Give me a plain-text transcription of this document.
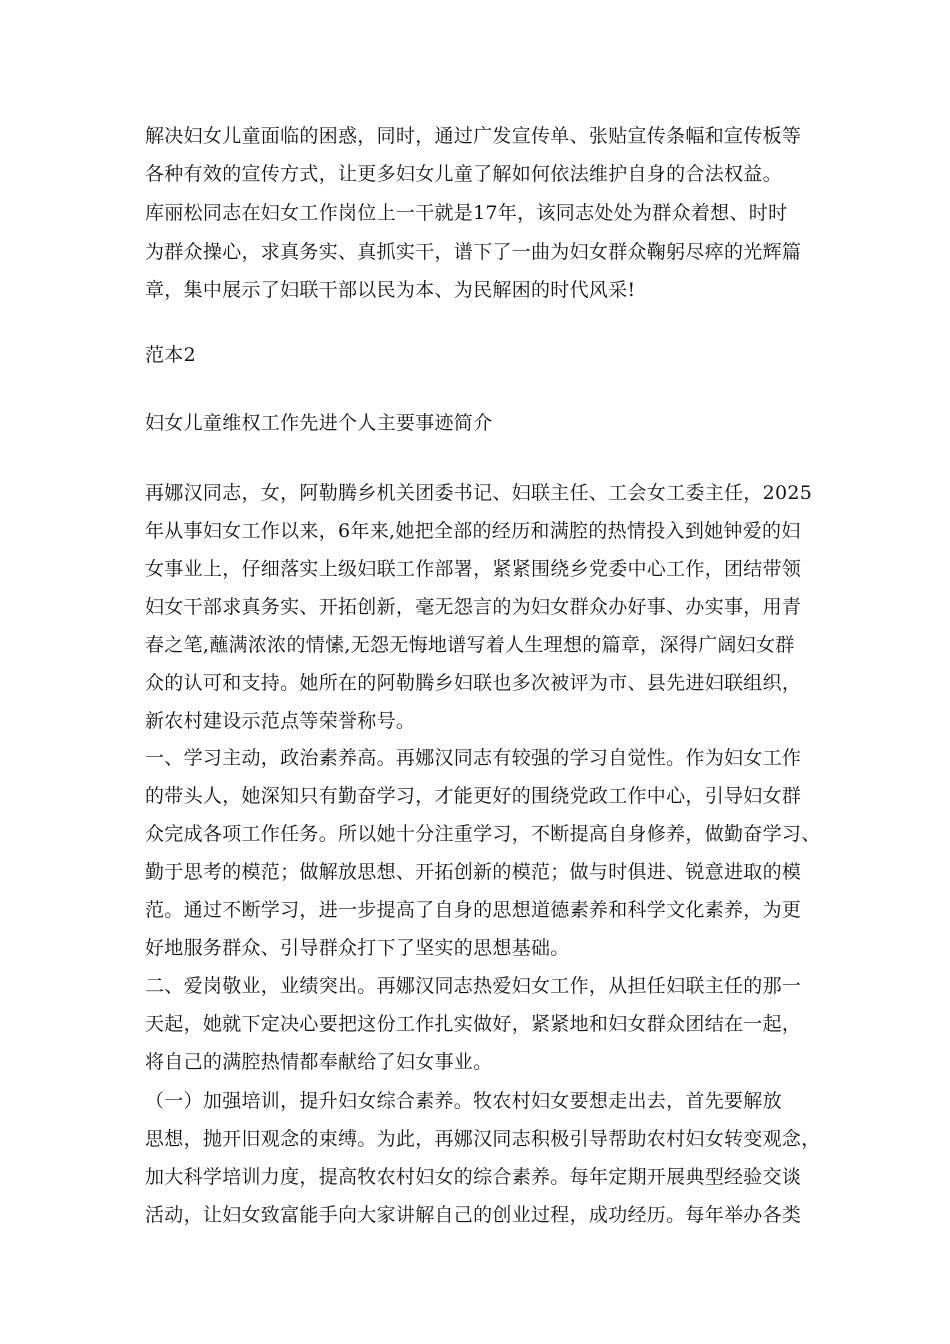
解决妇女儿童面临的困惑，同时，通过广发宣传单、张贴宣传条幅和宣传板等
各种有效的宣传方式，让更多妇女儿童了解如何依法维护自身的合法权益。
库丽松同志在妇女工作岗位上一干就是17年，该同志处处为群众着想、时时
为群众操心，求真务实、真抓实干，谱下了一曲为妇女群众鞠躬尽瘁的光辉篇
章，集中展示了妇联干部以民为本、为民解困的时代风采!
范本2
妇女儿童维权工作先进个人主要事迹简介
再娜汉同志，女，阿勒腾乡机关团委书记、妇联主任、工会女工委主任，2025
年从事妇女工作以来，6年来,她把全部的经历和满腔的热情投入到她钟爱的妇
女事业上，仔细落实上级妇联工作部署，紧紧围绕乡党委中心工作，团结带领
妇女干部求真务实、开拓创新，毫无怨言的为妇女群众办好事、办实事，用青
春之笔,蘸满浓浓的情愫,无怨无悔地谱写着人生理想的篇章，深得广阔妇女群
众的认可和支持。她所在的阿勒腾乡妇联也多次被评为市、县先进妇联组织，
新农村建设示范点等荣誉称号。
一、学习主动，政治素养高。再娜汉同志有较强的学习自觉性。作为妇女工作
的带头人，她深知只有勤奋学习，才能更好的围绕党政工作中心，引导妇女群
众完成各项工作任务。所以她十分注重学习，不断提高自身修养，做勤奋学习、
勤于思考的模范；做解放思想、开拓创新的模范；做与时俱进、锐意进取的模
范。通过不断学习，进一步提高了自身的思想道德素养和科学文化素养，为更
好地服务群众、引导群众打下了坚实的思想基础。
二、爱岗敬业，业绩突出。再娜汉同志热爱妇女工作，从担任妇联主任的那一
天起，她就下定决心要把这份工作扎实做好，紧紧地和妇女群众团结在一起，
将自己的满腔热情都奉献给了妇女事业。
（一）加强培训，提升妇女综合素养。牧农村妇女要想走出去，首先要解放
思想，抛开旧观念的束缚。为此，再娜汉同志积极引导帮助农村妇女转变观念，
加大科学培训力度，提高牧农村妇女的综合素养。每年定期开展典型经验交谈
活动，让妇女致富能手向大家讲解自己的创业过程，成功经历。每年举办各类
